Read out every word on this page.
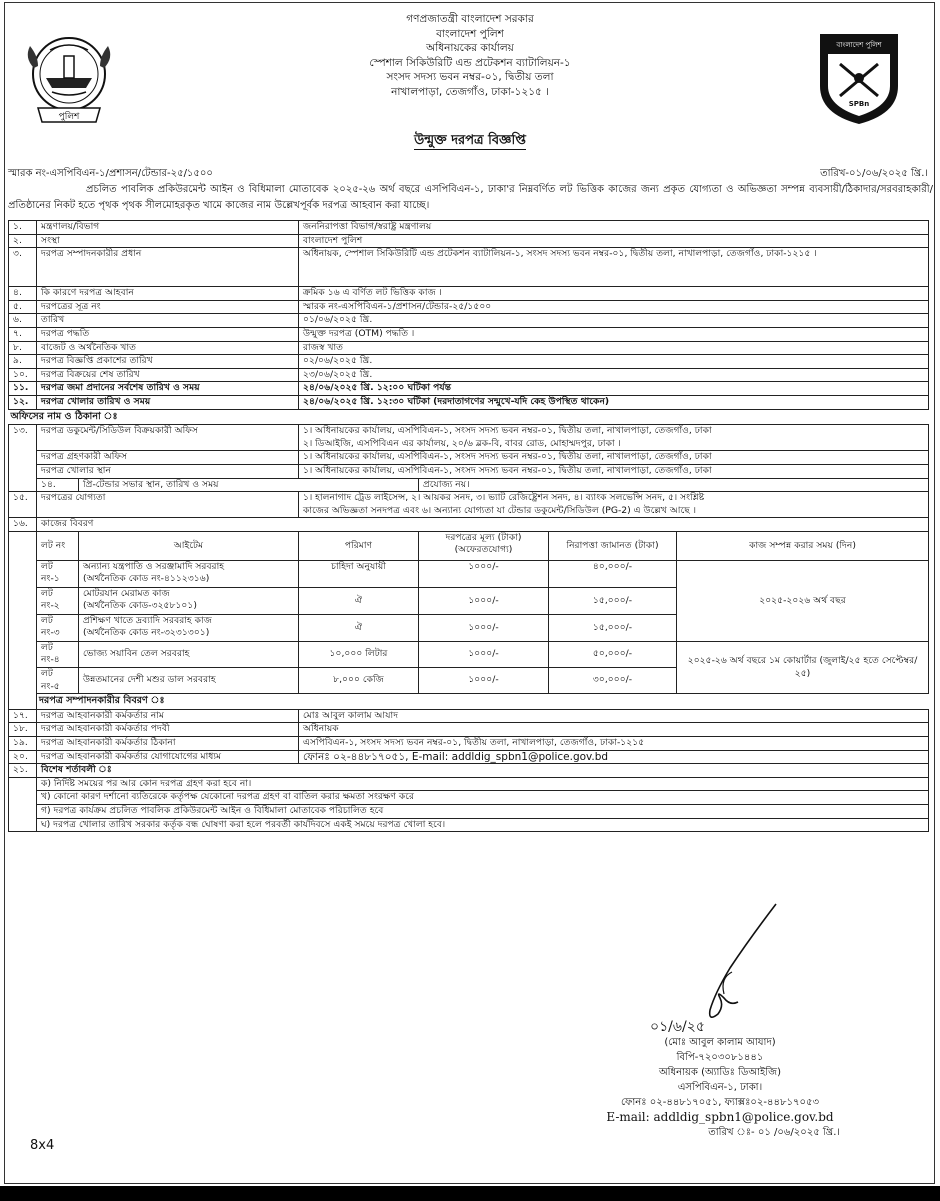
পুলিশ
বাংলাদেশ পুলিশ
SPBn
গণপ্রজাতন্ত্রী বাংলাদেশ সরকার
বাংলাদেশ পুলিশ
অধিনায়কের কার্যালয়
স্পেশাল সিকিউরিটি এন্ড প্রটেকশন ব্যাটালিয়ন-১
সংসদ সদস্য ভবন নম্বর-০১, দ্বিতীয় তলা
নাখালপাড়া, তেজগাঁও, ঢাকা-১২১৫ ।
উন্মুক্ত দরপত্র বিজ্ঞপ্তি
স্মারক নং-এসপিবিএন-১/প্রশাসন/টেন্ডার-২৫/১৫০০	তারিখ-০১/০৬/২০২৫ খ্রি.।
প্রচলিত পাবলিক প্রকিউরমেন্ট আইন ও বিধিমালা মোতাবেক ২০২৫-২৬ অর্থ বছরে এসপিবিএন-১, ঢাকা'র নিম্নবর্ণিত লট ভিত্তিক কাজের জন্য প্রকৃত যোগ্যতা ও অভিজ্ঞতা সম্পন্ন ব্যবসায়ী/ঠিকাদার/সরবরাহকারী/প্রতিষ্ঠানের নিকট হতে পৃথক পৃথক সীলমোহরকৃত খামে কাজের নাম উল্লেখপূর্বক দরপত্র আহবান করা যাচ্ছে।
১.	মন্ত্রণালয়/বিভাগ		জননিরাপত্তা বিভাগ/স্বরাষ্ট্র মন্ত্রণালয়			
২.	সংস্থা		বাংলাদেশ পুলিশ			
৩.	দরপত্র সম্পাদনকারীর প্রধান		অধিনায়ক, স্পেশাল সিকিউরিটি এন্ড প্রটেকশন ব্যাটালিয়ন-১, সংসদ সদস্য ভবন নম্বর-০১, দ্বিতীয় তলা, নাখালপাড়া, তেজগাঁও, ঢাকা-১২১৫ ।			
৪.	কি কারণে দরপত্র আহবান		ক্রমিক ১৬ এ বর্ণিত লট ভিত্তিক কাজ ।			
৫.	দরপত্রের সূত্র নং		স্মারক নং-এসপিবিএন-১/প্রশাসন/টেন্ডার-২৫/১৫০০			
৬.	তারিখ		০১/০৬/২০২৫ খ্রি.			
৭.	দরপত্র পদ্ধতি		উন্মুক্ত দরপত্র (OTM) পদ্ধতি ।			
৮.	বাজেট ও অর্থনৈতিক খাত		রাজস্ব খাত			
৯.	দরপত্র বিজ্ঞপ্তি প্রকাশের তারিখ		০২/০৬/২০২৫ খ্রি.			
১০.	দরপত্র বিক্রয়ের শেষ তারিখ		২৩/০৬/২০২৫ খ্রি.			
১১.	দরপত্র জমা প্রদানের সর্বশেষ তারিখ ও সময়		২৪/০৬/২০২৫ খ্রি. ১২:০০ ঘটিকা পর্যন্ত			
১২.	দরপত্র খোলার তারিখ ও সময়		২৪/০৬/২০২৫ খ্রি. ১২:৩০ ঘটিকা (দরদাতাগণের সন্মুখে-যদি কেহ উপস্থিত থাকেন)			
অফিসের নাম ও ঠিকানা ঃ						
১৩.	দরপত্র ডকুমেন্ট/সিডিউল বিক্রয়কারী অফিস		১। অধিনায়কের কার্যালয়, এসপিবিএন-১, সংসদ সদস্য ভবন নম্বর-০১, দ্বিতীয় তলা, নাখালপাড়া, তেজগাঁও, ঢাকা
২। ডিআইজি, এসপিবিএন এর কার্যালয়, ২০/৬ ব্লক-বি, বাবর রোড, মোহাম্মদপুর, ঢাকা ।			

	দরপত্র গ্রহণকারী অফিস		১। অধিনায়কের কার্যালয়, এসপিবিএন-১, সংসদ সদস্য ভবন নম্বর-০১, দ্বিতীয় তলা, নাখালপাড়া, তেজগাঁও, ঢাকা			
	দরপত্র খোলার স্থান		১। অধিনায়কের কার্যালয়, এসপিবিএন-১, সংসদ সদস্য ভবন নম্বর-০১, দ্বিতীয় তলা, নাখালপাড়া, তেজগাঁও, ঢাকা			
	১৪.	প্রি-টেন্ডার সভার স্থান, তারিখ ও সময়		প্রযোজ্য নয়।		
১৫.	দরপত্রের যোগ্যতা		১। হালনাগাদ ট্রেড লাইসেন্স, ২। আয়কর সনদ, ৩। ভ্যাট রেজিষ্ট্রেশন সনদ, ৪। ব্যাংক সলভেন্সি সনদ, ৫। সংশ্লিষ্ট
কাজের অভিজ্ঞতা সনদপত্র এবং ৬। অন্যান্য যোগ্যতা যা টেন্ডার ডকুমেন্ট/সিডিউল (PG-2) এ উল্লেখ আছে ।			

১৬.	কাজের বিবরণ					
	লট নং	আইটেম	পরিমাণ	দরপত্রের মূল্য (টাকা)
(অফেরতযোগ্য)	নিরাপত্তা জামানত (টাকা)	কাজ সম্পন্ন করার সময় (দিন)
	লট নং-১	অন্যান্য যন্ত্রপাতি ও সরঞ্জামাদি সরবরাহ
(অর্থনৈতিক কোড নং-৪১১২৩১৬)	চাহিদা অনুযায়ী	১০০০/-	৪০,০০০/-	২০২৫-২০২৬ অর্থ বছর
	লট নং-২	মোটরযান মেরামত কাজ
(অর্থনৈতিক কোড-৩২৫৮১০১)	ঐ	১০০০/-	১৫,০০০/-	
	লট নং-৩	প্রশিক্ষণ খাতে দ্রব্যাদি সরবরাহ কাজ
(অর্থনৈতিক কোড নং-৩২৩১৩০১)	ঐ	১০০০/-	১৫,০০০/-	
	লট নং-৪	ভোজ্য সয়াবিন তেল সরবরাহ	১০,০০০ লিটার	১০০০/-	৫০,০০০/-	২০২৫-২৬ অর্থ বছরে ১ম কোয়ার্টার (জুলাই/২৫ হতে সেপ্টেম্বর/২৫)
	লট নং-৫	উন্নতমানের দেশী মশুর ডাল সরবরাহ	৮,০০০ কেজি	১০০০/-	৩০,০০০/-	
	দরপত্র সম্পাদনকারীর বিবরণ ঃ					
১৭.	দরপত্র আহবানকারী কর্মকর্তার নাম		মোঃ আবুল কালাম আযাদ			
১৮.	দরপত্র আহবানকারী কর্মকর্তার পদবী		অধিনায়ক			
১৯.	দরপত্র আহবানকারী কর্মকর্তার ঠিকানা		এসপিবিএন-১, সংসদ সদস্য ভবন নম্বর-০১, দ্বিতীয় তলা, নাখালপাড়া, তেজগাঁও, ঢাকা-১২১৫			
২০.	দরপত্র আহবানকারী কর্মকর্তার যোগাযোগের মাধ্যম		ফোনঃ ০২-৪৪৮১৭০৫১, E-mail: addldig_spbn1@police.gov.bd			
২১.	বিশেষ শর্তাবলী ঃ					
	ক) নির্দিষ্ট সময়ের পর আর কোন দরপত্র গ্রহণ করা হবে না।					
	খ) কোনো কারণ দর্শানো ব্যতিরেকে কর্তৃপক্ষ যেকোনো দরপত্র গ্রহণ বা বাতিল করার ক্ষমতা সংরক্ষণ করে					
	গ) দরপত্র কার্যক্রম প্রচলিত পাবলিক প্রকিউরমেন্ট আইন ও বিধিমালা মোতাবেক পরিচালিত হবে					
	ঘ) দরপত্র খোলার তারিখ সরকার কর্তৃক বন্ধ ঘোষণা করা হলে পরবর্তী কার্যদিবসে একই সময়ে দরপত্র খোলা হবে।					
০১/৬/২৫
(মোঃ আবুল কালাম আযাদ)
বিপি-৭২০৩০৮১৪৪১
অধিনায়ক (অ্যাডিঃ ডিআইজি)
এসপিবিএন-১, ঢাকা।
ফোনঃ ০২-৪৪৮১৭০৫১, ফ্যাক্সঃ০২-৪৪৮১৭০৫৩
E-mail: addldig_spbn1@police.gov.bd
তারিখ ঃ- ০১ /০৬/২০২৫ খ্রি.।
8x4
